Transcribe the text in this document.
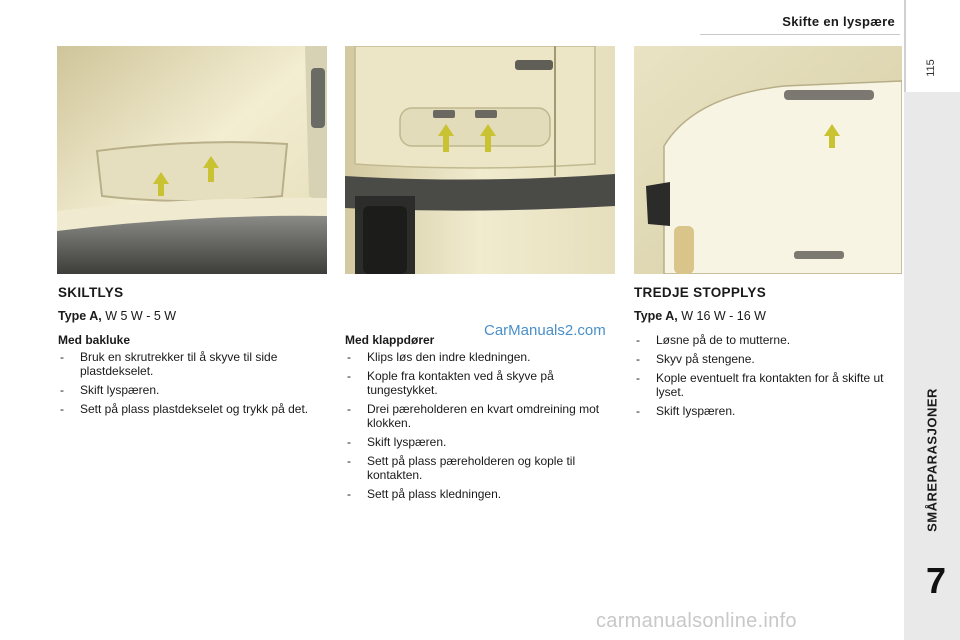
Skifte en lyspære
115
SMÅREPARASJONER
7
SKILTLYS
Type A, W 5 W - 5 W
Med bakluke
- Bruk en skrutrekker til å skyve til side plastdekselet.
- Skift lyspæren.
- Sett på plass plastdekselet og trykk på det.
Med klappdører
- Klips løs den indre kledningen.
- Kople fra kontakten ved å skyve på tungestykket.
- Drei pæreholderen en kvart omdreining mot klokken.
- Skift lyspæren.
- Sett på plass pæreholderen og kople til kontakten.
- Sett på plass kledningen.
TREDJE STOPPLYS
Type A, W 16 W - 16 W
- Løsne på de to mutterne.
- Skyv på stengene.
- Kople eventuelt fra kontakten for å skifte ut lyset.
- Skift lyspæren.
CarManuals2.com
carmanualsonline.info
